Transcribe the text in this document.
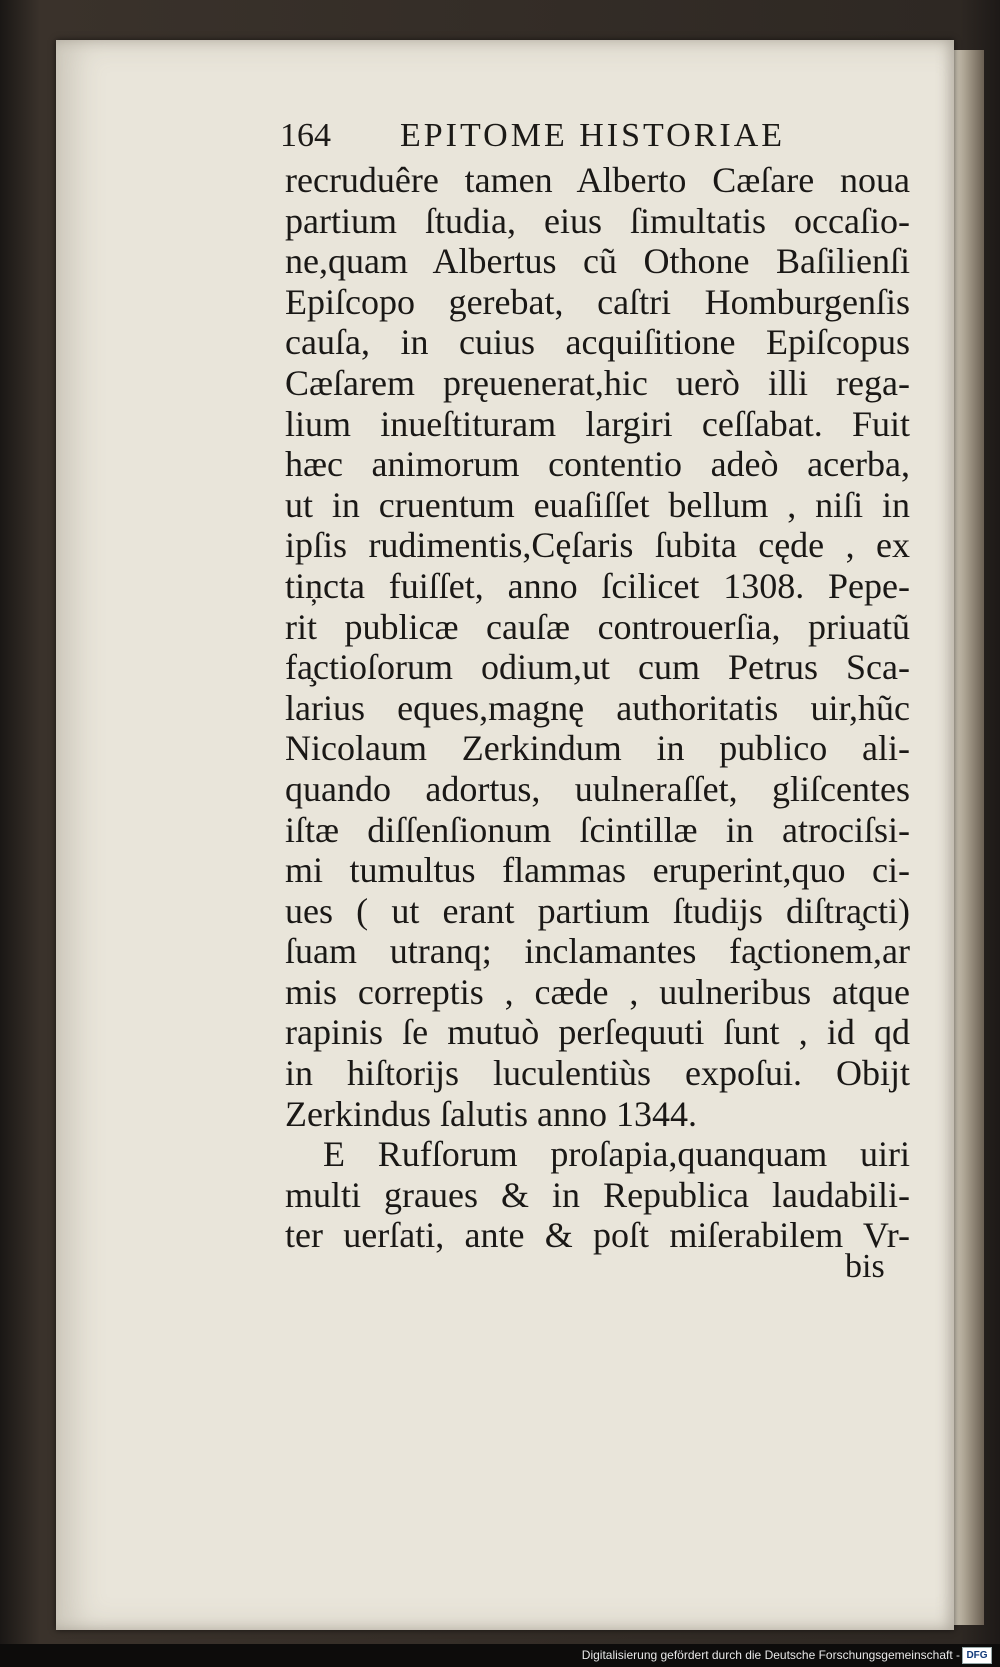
164 EPITOME HISTORIAE
recruduêre tamen Alberto Cæſare noua
partium ſtudia, eius ſimultatis occaſio-
ne,quam Albertus cũ Othone Baſilienſi
Epiſcopo gerebat, caſtri Homburgenſis
cauſa, in cuius acquiſitione Epiſcopus
Cæſarem pręuenerat,hic uerò illi rega-
lium inueſtituram largiri ceſſabat. Fuit
hæc animorum contentio adeò acerba,
ut in cruentum euaſiſſet bellum , niſi in
ipſis rudimentis,Cęſaris ſubita cęde , ex
tiņcta fuiſſet, anno ſcilicet 1308. Pepe-
rit publicæ cauſæ controuerſia, priuatũ
fa̧ctioſorum odium,ut cum Petrus Sca-
larius eques,magnę authoritatis uir,hũc
Nicolaum Zerkindum in publico ali-
quando adortus, uulneraſſet, gliſcentes
iſtæ diſſenſionum ſcintillæ in atrociſsi-
mi tumultus flammas eruperint,quo ci-
ues ( ut erant partium ſtudijs diſtra̧cti)
ſuam utranq; inclamantes fa̧ctionem,ar
mis correptis , cæde , uulneribus atque
rapinis ſe mutuò perſequuti ſunt , id qd
in hiſtorijs luculentiùs expoſui. Obijt
Zerkindus ſalutis anno 1344.
E Rufſorum proſapia,quanquam uiri
multi graues & in Republica laudabili-
ter uerſati, ante & poſt miſerabilem Vr-
bis
Digitalisierung gefördert durch die Deutsche Forschungsgemeinschaft - DFG
